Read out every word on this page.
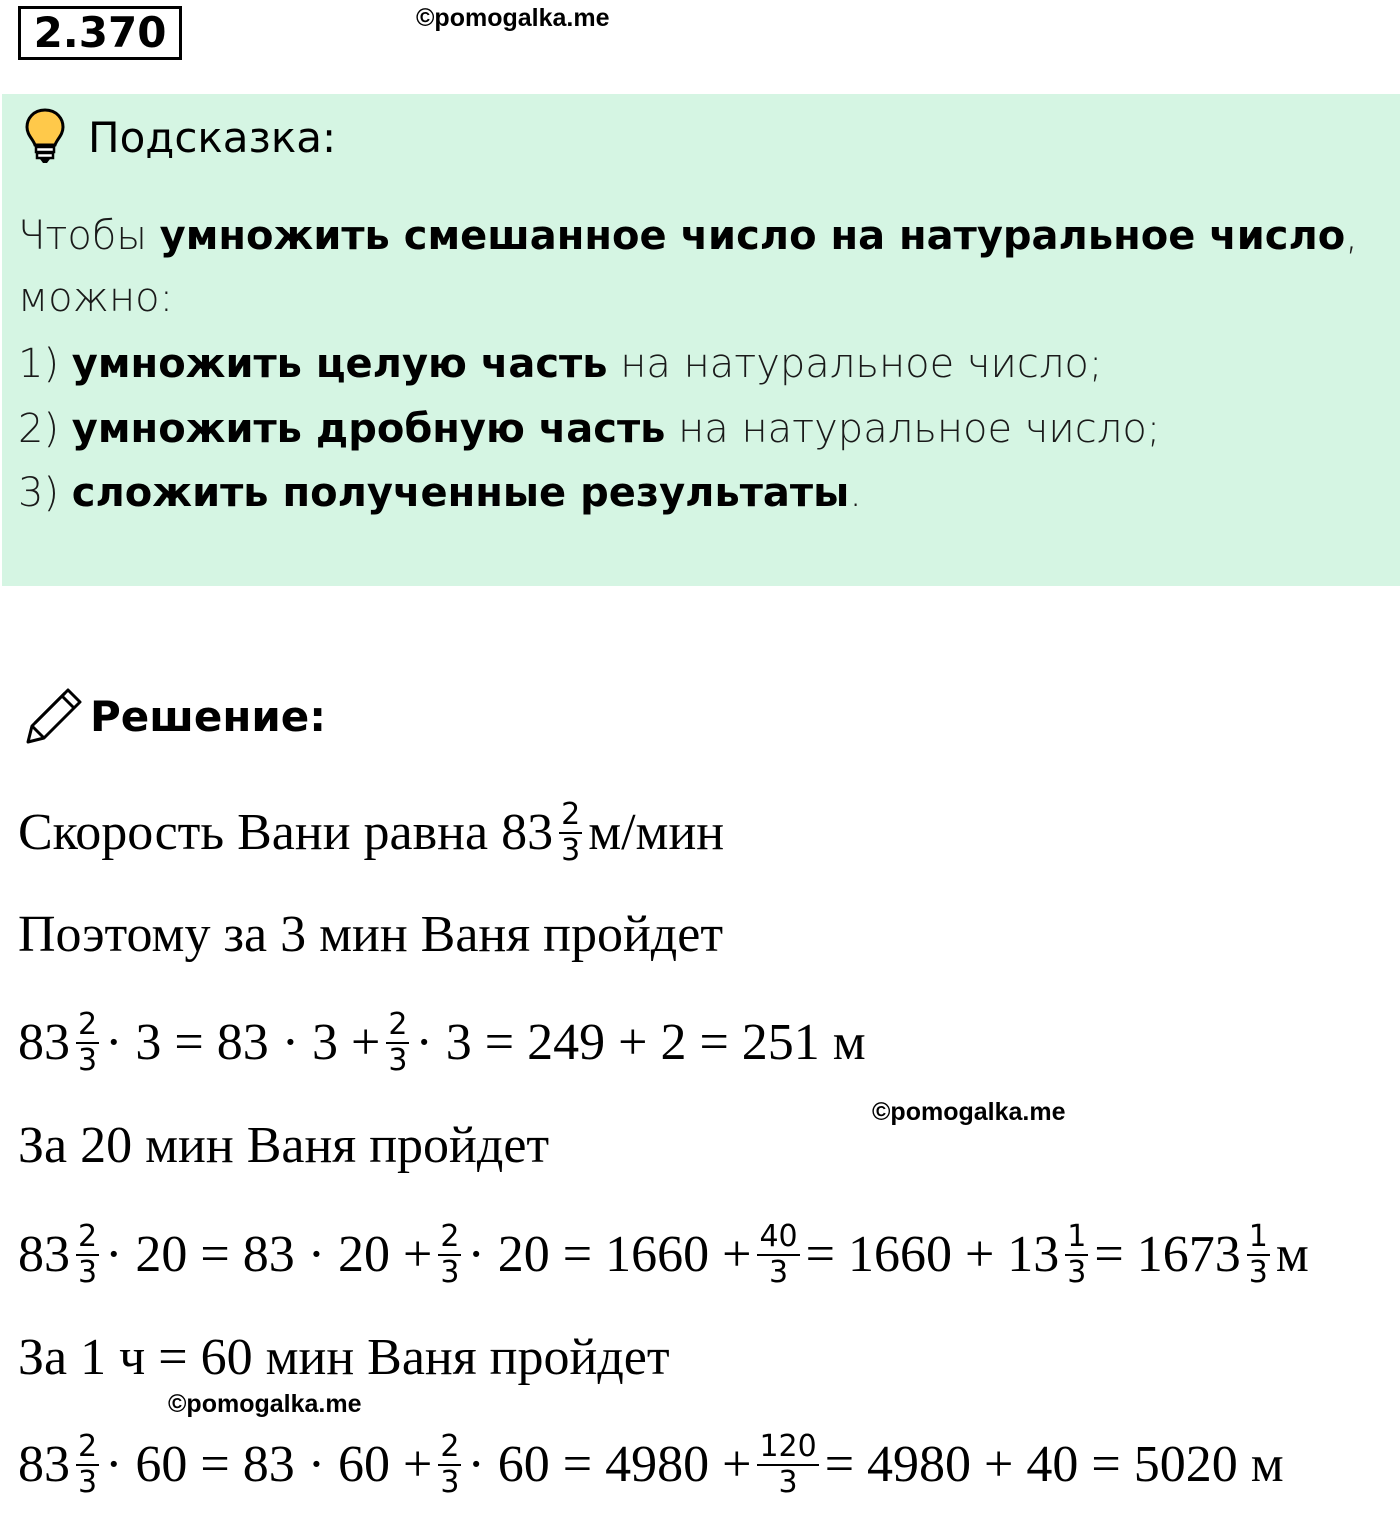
2.370	©pomogalka.me
Подсказка:
Чтобы умножить смешанное число на натуральное число,
можно:
1) умножить целую часть на натуральное число;
2) умножить дробную часть на натуральное число;
3) сложить полученные результаты.
Решение:
Скорость Вани равна $83 \frac{2}{3} м/мин$
Поэтому за 3 мин Ваня пройдет
$83 \frac{2}{3} \cdot 3 = 83 \cdot 3 + \frac{2}{3} \cdot 3 = 249 + 2 = 251$ м
©pomogalka.me
За 20 мин Ваня пройдет
$83 \frac{2}{3} \cdot 20 = 83 \cdot 20 + \frac{2}{3} \cdot 20 = 1660 + \frac{40}{3} = 1660 + 13 \frac{1}{3} = 1673 \frac{1}{3}$ м
За 1 ч = 60 мин Ваня пройдет
©pomogalka.me
$83 \frac{2}{3} \cdot 60 = 83 \cdot 60 + \frac{2}{3} \cdot 60 = 4980 + \frac{120}{3} = 4980 + 40 = 5020$ м
